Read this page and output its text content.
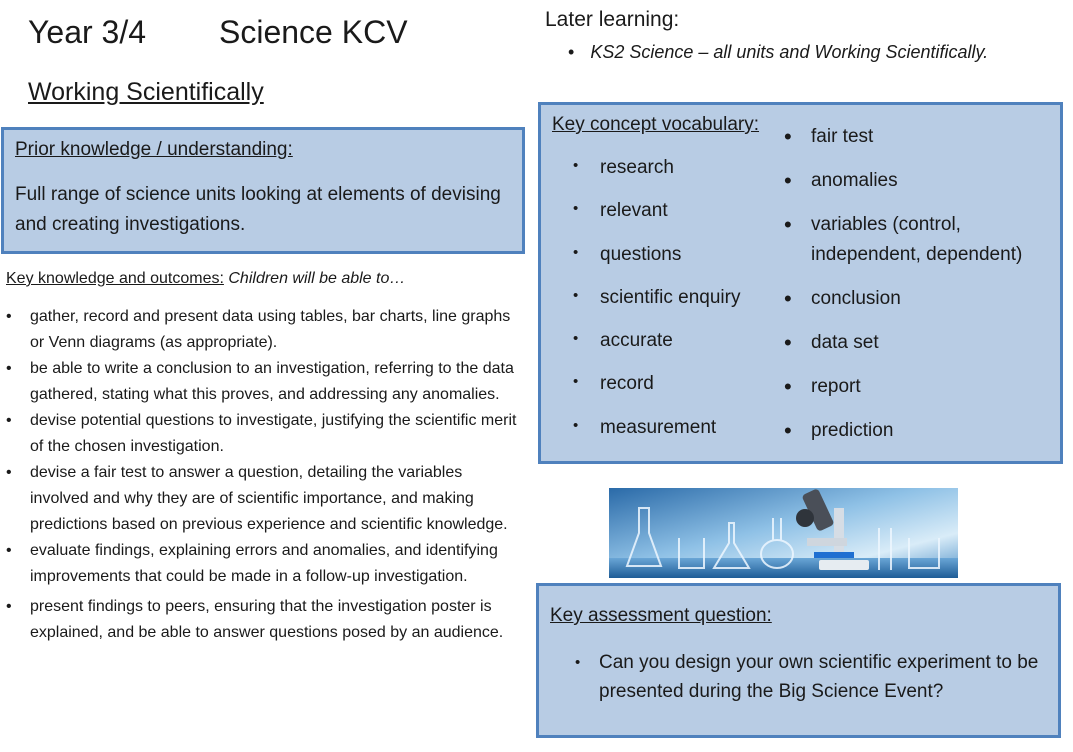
Year 3/4 Science KCV
Working Scientifically
Prior knowledge / understanding:
Full range of science units looking at elements of devising and creating investigations.
Key knowledge and outcomes: Children will be able to…
• gather, record and present data using tables, bar charts, line graphs or Venn diagrams (as appropriate).
• be able to write a conclusion to an investigation, referring to the data gathered, stating what this proves, and addressing any anomalies.
• devise potential questions to investigate, justifying the scientific merit of the chosen investigation.
• devise a fair test to answer a question, detailing the variables involved and why they are of scientific importance, and making predictions based on previous experience and scientific knowledge.
• evaluate findings, explaining errors and anomalies, and identifying improvements that could be made in a follow-up investigation.
• present findings to peers, ensuring that the investigation poster is explained, and be able to answer questions posed by an audience.
Later learning:
• KS2 Science – all units and Working Scientifically.
Key concept vocabulary:
• research
• relevant
• questions
• scientific enquiry
• accurate
• record
• measurement
• fair test
• anomalies
• variables (control, independent, dependent)
• conclusion
• data set
• report
• prediction
Key assessment question:
• Can you design your own scientific experiment to be presented during the Big Science Event?
